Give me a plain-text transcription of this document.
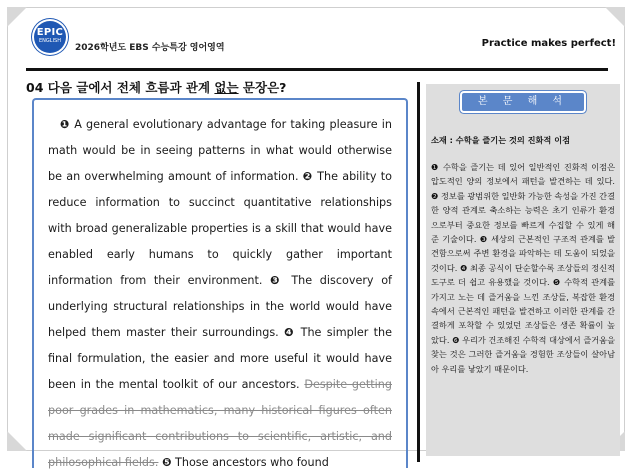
EPIC
ENGLISH
2026학년도 EBS 수능특강 영어영역	Practice makes perfect!
04 다음 글에서 전체 흐름과 관계 없는 문장은?

❶ A general evolutionary advantage for taking pleasure in math would be in seeing patterns in what would otherwise be an overwhelming amount of information. ❷ The ability to reduce information to succinct quantitative relationships with broad generalizable properties is a skill that would have enabled early humans to quickly gather important information from their environment. ❸ The discovery of underlying structural relationships in the world would have helped them master their surroundings. ❹ The simpler the final formulation, the easier and more useful it would have been in the mental toolkit of our ancestors. Despite getting poor grades in mathematics, many historical figures often made significant contributions to scientific, artistic, and philosophical fields. ❺ Those ancestors who found

본 문 해 석
소재 : 수학을 즐기는 것의 진화적 이점
❶ 수학을 즐기는 데 있어 일반적인 진화적 이점은 압도적인 양의 정보에서 패턴을 발견하는 데 있다. ❷ 정보를 광범위한 일반화 가능한 속성을 가진 간결한 양적 관계로 축소하는 능력은 초기 인류가 환경으로부터 중요한 정보를 빠르게 수집할 수 있게 해준 기술이다. ❸ 세상의 근본적인 구조적 관계를 발견함으로써 주변 환경을 파악하는 데 도움이 되었을 것이다. ❹ 최종 공식이 단순할수록 조상들의 정신적 도구로 더 쉽고 유용했을 것이다. ❺ 수학적 관계를 가지고 노는 데 즐거움을 느낀 조상들, 복잡한 환경 속에서 근본적인 패턴을 발견하고 이러한 관계를 간결하게 포착할 수 있었던 조상들은 생존 확률이 높았다. ❻ 우리가 건조해진 수학적 대상에서 즐거움을 찾는 것은 그러한 즐거움을 경험한 조상들이 살아남아 우리를 낳았기 때문이다.
